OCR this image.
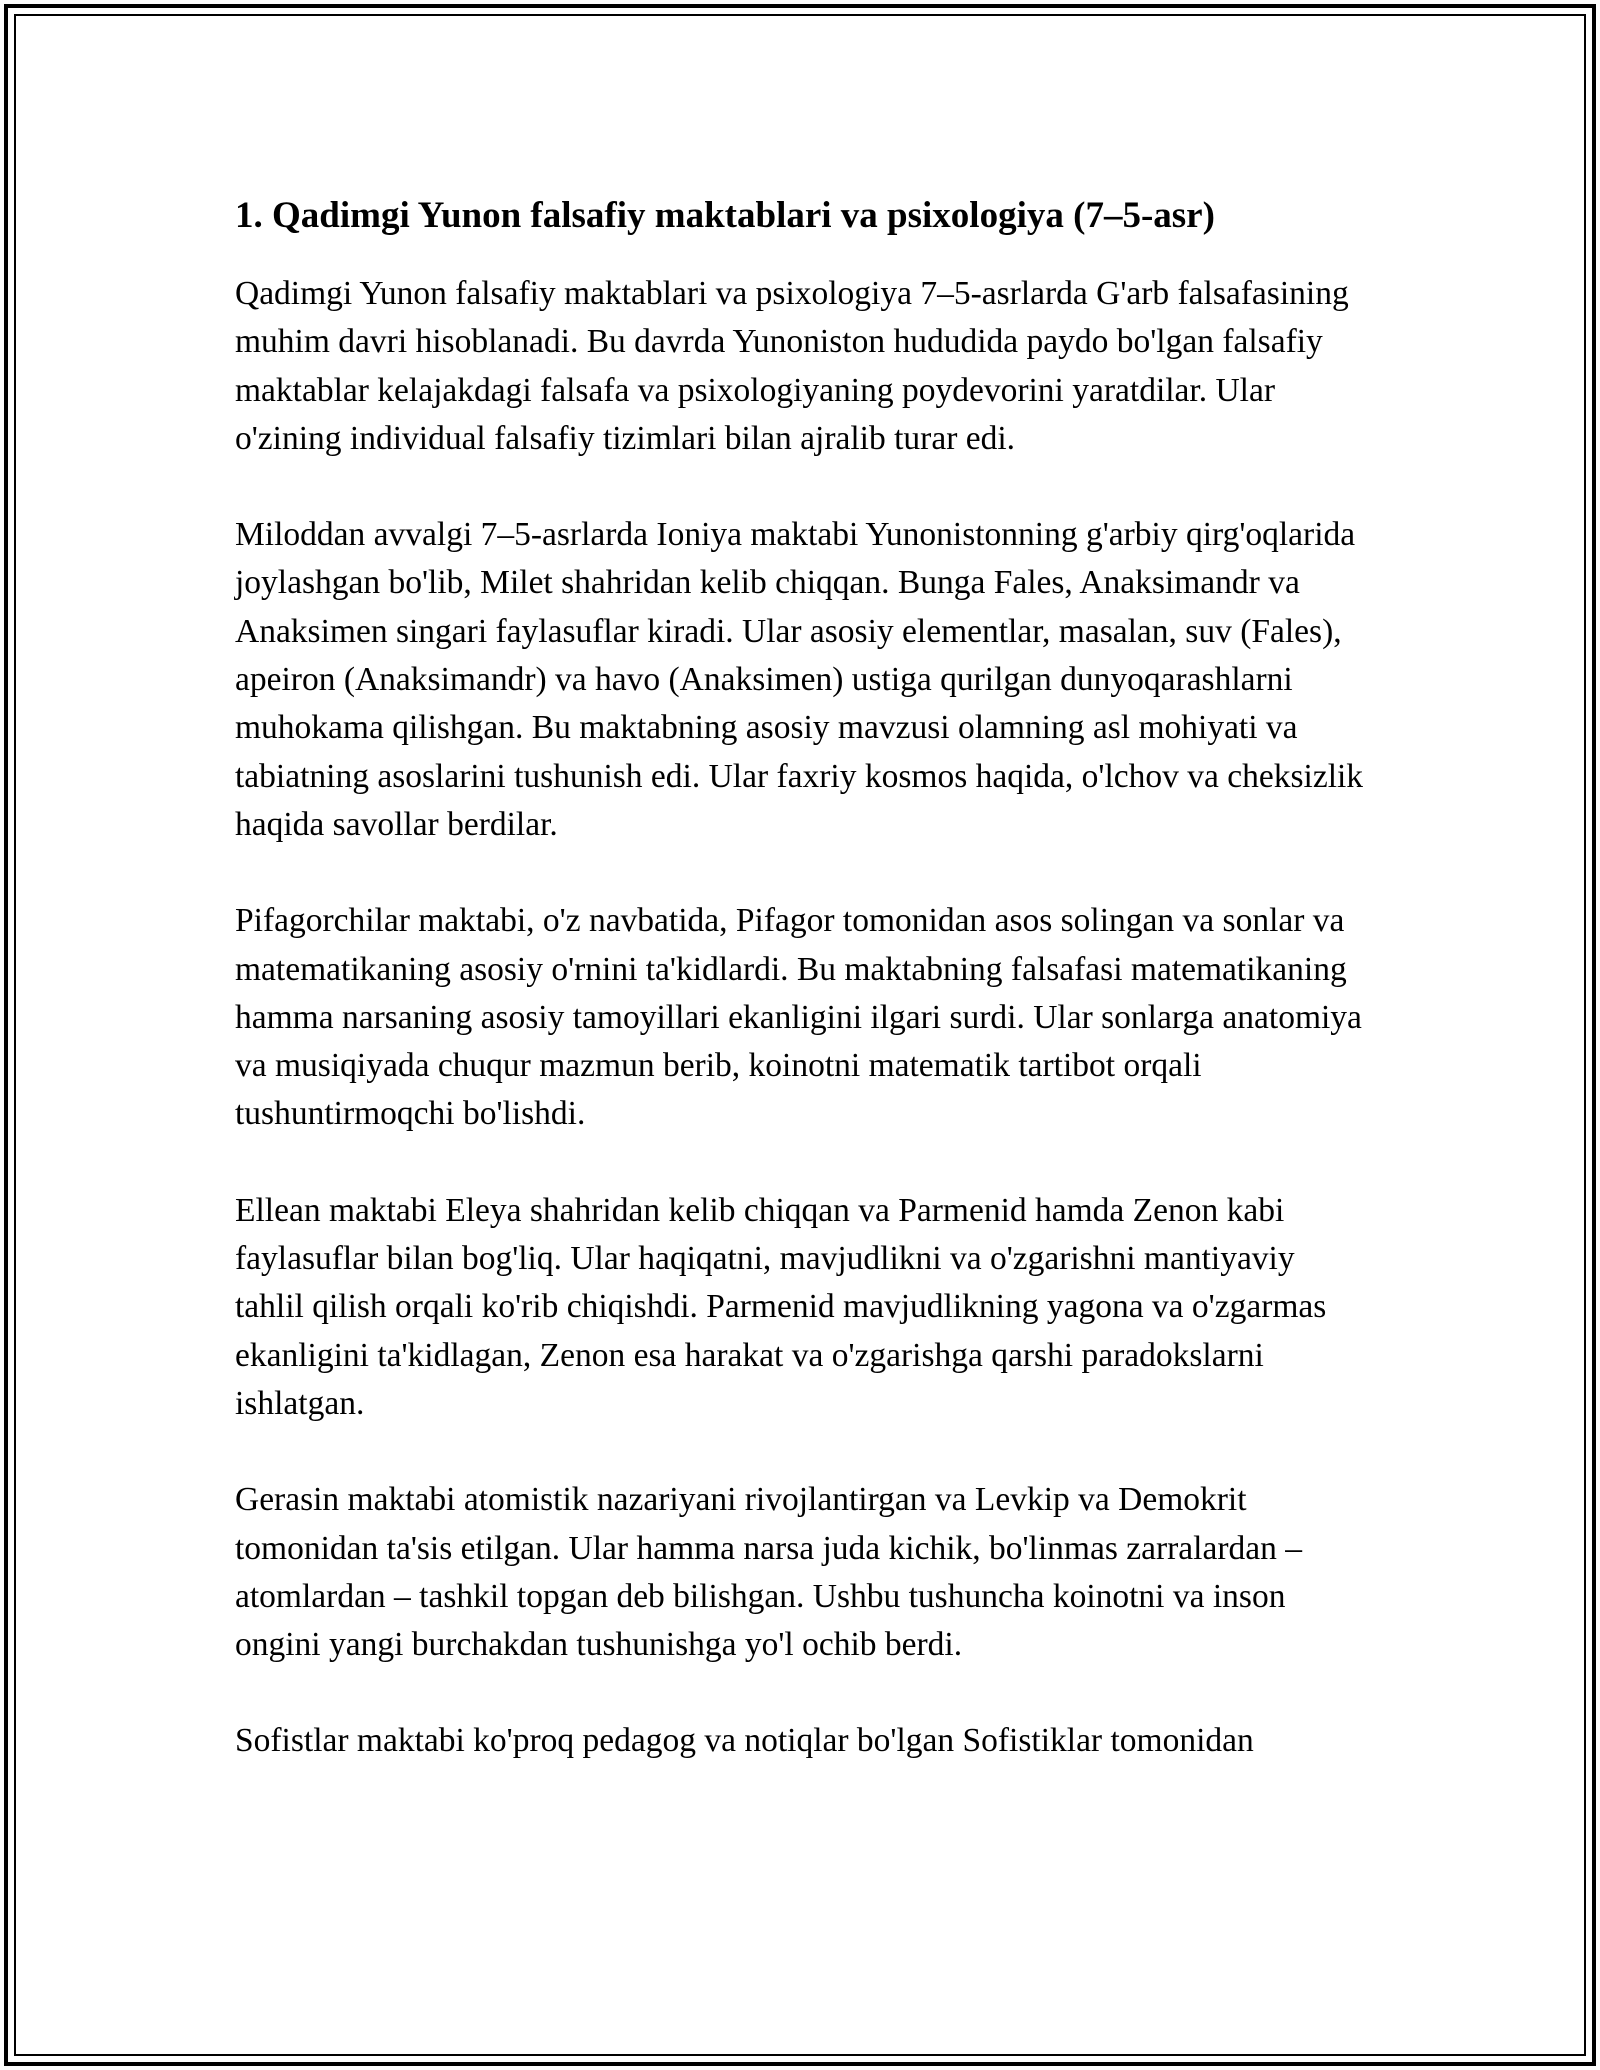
1. Qadimgi Yunon falsafiy maktablari va psixologiya (7–5-asr)

Qadimgi Yunon falsafiy maktablari va psixologiya 7–5-asrlarda G'arb falsafasining muhim davri hisoblanadi. Bu davrda Yunoniston hududida paydo bo'lgan falsafiy maktablar kelajakdagi falsafa va psixologiyaning poydevorini yaratdilar. Ular o'zining individual falsafiy tizimlari bilan ajralib turar edi.

Miloddan avvalgi 7–5-asrlarda Ioniya maktabi Yunonistonning g'arbiy qirg'oqlarida joylashgan bo'lib, Milet shahridan kelib chiqqan. Bunga Fales, Anaksimandr va Anaksimen singari faylasuflar kiradi. Ular asosiy elementlar, masalan, suv (Fales), apeiron (Anaksimandr) va havo (Anaksimen) ustiga qurilgan dunyoqarashlarni muhokama qilishgan. Bu maktabning asosiy mavzusi olamning asl mohiyati va tabiatning asoslarini tushunish edi. Ular faxriy kosmos haqida, o'lchov va cheksizlik haqida savollar berdilar.

Pifagorchilar maktabi, o'z navbatida, Pifagor tomonidan asos solingan va sonlar va matematikaning asosiy o'rnini ta'kidlardi. Bu maktabning falsafasi matematikaning hamma narsaning asosiy tamoyillari ekanligini ilgari surdi. Ular sonlarga anatomiya va musiqiyada chuqur mazmun berib, koinotni matematik tartibot orqali tushuntirmoqchi bo'lishdi.

Ellean maktabi Eleya shahridan kelib chiqqan va Parmenid hamda Zenon kabi faylasuflar bilan bog'liq. Ular haqiqatni, mavjudlikni va o'zgarishni mantiyaviy tahlil qilish orqali ko'rib chiqishdi. Parmenid mavjudlikning yagona va o'zgarmas ekanligini ta'kidlagan, Zenon esa harakat va o'zgarishga qarshi paradokslarni ishlatgan.

Gerasin maktabi atomistik nazariyani rivojlantirgan va Levkip va Demokrit tomonidan ta'sis etilgan. Ular hamma narsa juda kichik, bo'linmas zarralardan – atomlardan – tashkil topgan deb bilishgan. Ushbu tushuncha koinotni va inson ongini yangi burchakdan tushunishga yo'l ochib berdi.

Sofistlar maktabi ko'proq pedagog va notiqlar bo'lgan Sofistiklar tomonidan
